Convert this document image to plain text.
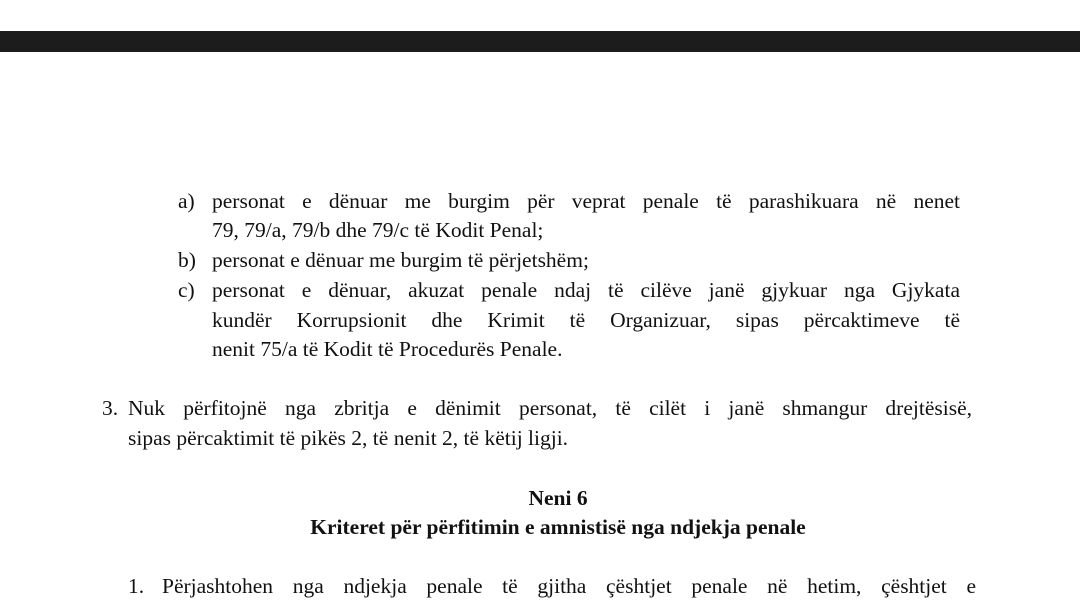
a) personat e dënuar me burgim për veprat penale të parashikuara në nenet
79, 79/a, 79/b dhe 79/c të Kodit Penal;
b) personat e dënuar me burgim të përjetshëm;
c) personat e dënuar, akuzat penale ndaj të cilëve janë gjykuar nga Gjykata
kundër Korrupsionit dhe Krimit të Organizuar, sipas përcaktimeve të
nenit 75/a të Kodit të Procedurës Penale.
3. Nuk përfitojnë nga zbritja e dënimit personat, të cilët i janë shmangur drejtësisë,
sipas përcaktimit të pikës 2, të nenit 2, të këtij ligji.
Neni 6
Kriteret për përfitimin e amnistisë nga ndjekja penale
1. Përjashtohen nga ndjekja penale të gjitha çështjet penale në hetim, çështjet e
